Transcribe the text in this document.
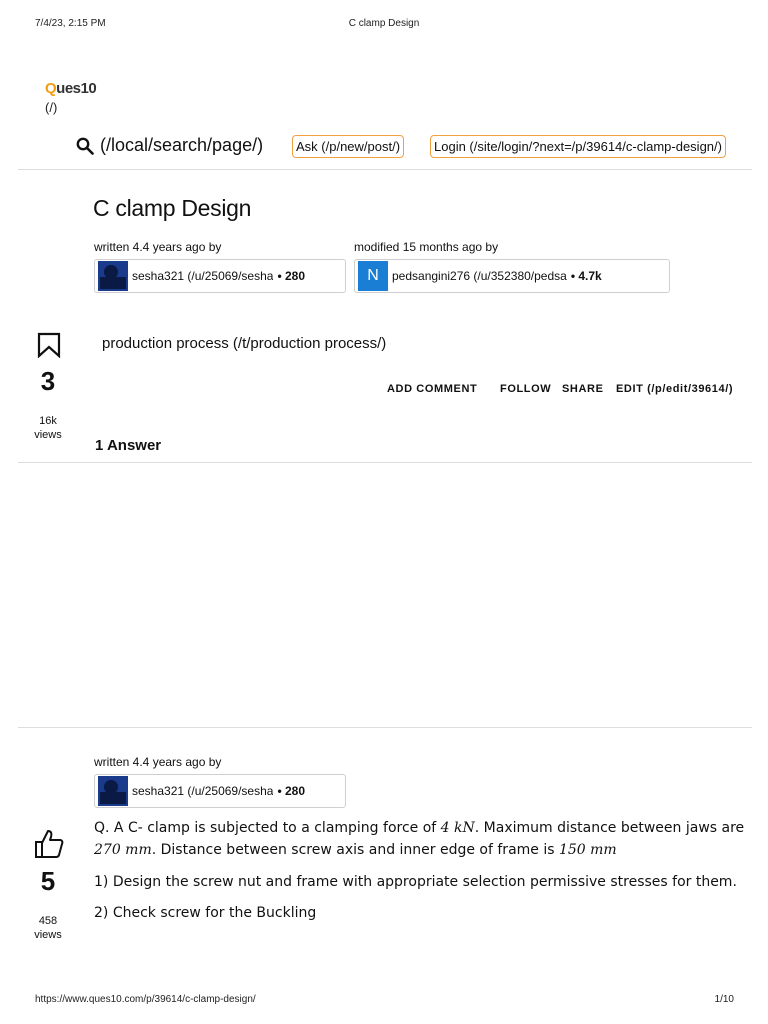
7/4/23, 2:15 PM	C clamp Design
Ques10
(/)
(/local/search/page/)	Ask (/p/new/post/)	Login (/site/login/?next=/p/39614/c-clamp-design/)
C clamp Design
written 4.4 years ago by	modified 15 months ago by
sesha321 (/u/25069/sesha • 280	N	pedsangini276 (/u/352380/pedsa • 4.7k
3
16k
views
production process (/t/production process/)
ADD COMMENT FOLLOW SHARE EDIT (/p/edit/39614/)
1 Answer
written 4.4 years ago by
sesha321 (/u/25069/sesha • 280
5
458
views
Q. A C- clamp is subjected to a clamping force of 4 kN. Maximum distance between jaws are
270 mm. Distance between screw axis and inner edge of frame is 150 mm
1) Design the screw nut and frame with appropriate selection permissive stresses for them.
2) Check screw for the Buckling
https://www.ques10.com/p/39614/c-clamp-design/	1/10
